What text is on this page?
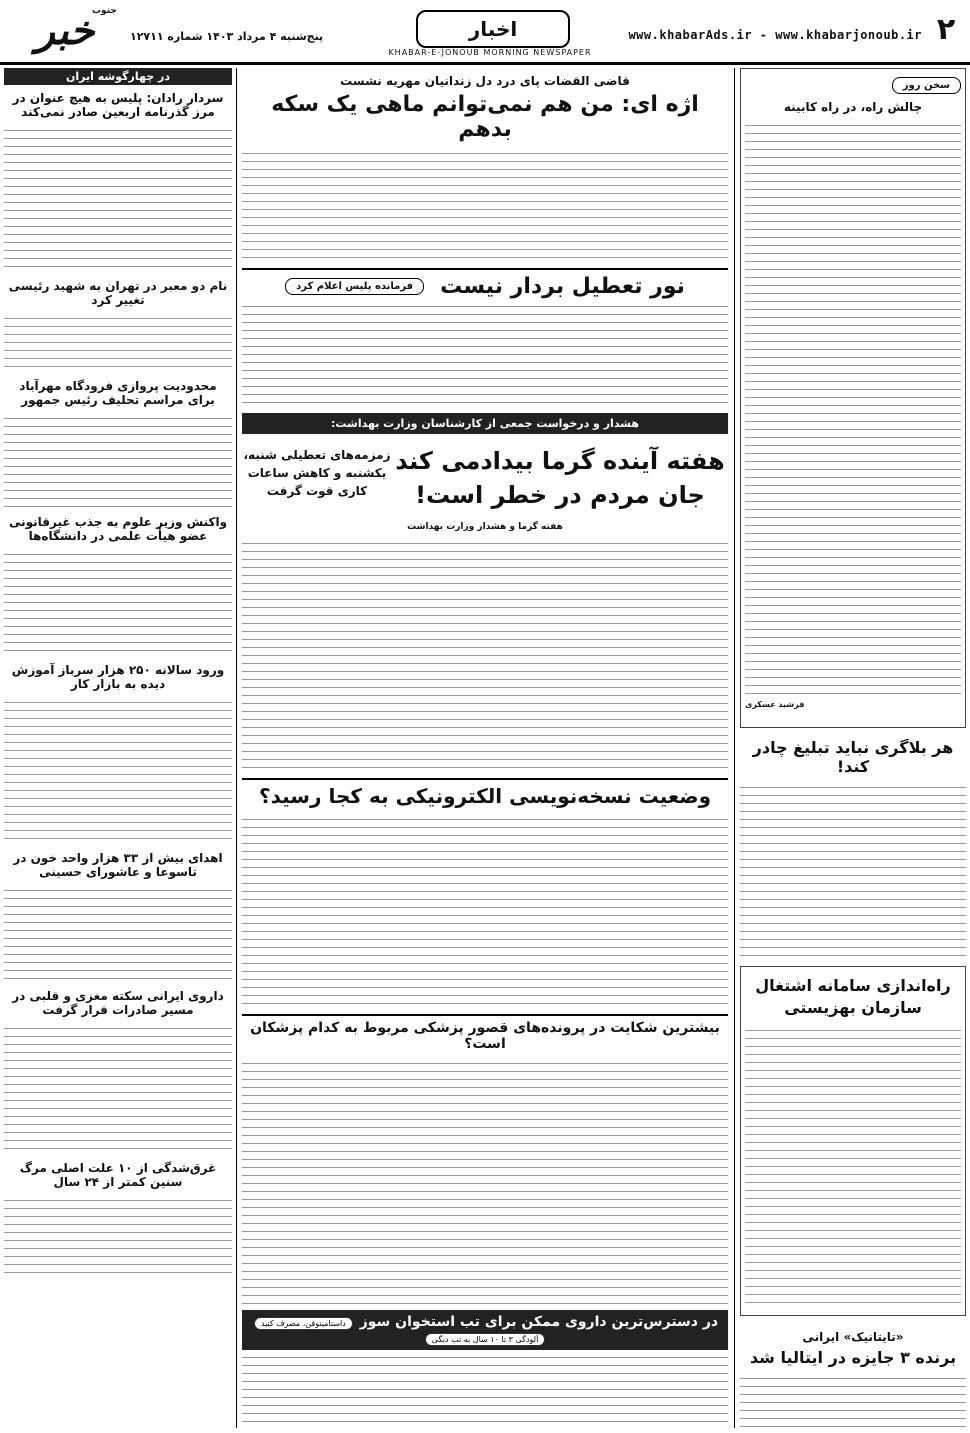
۲
www.khabarAds.ir - www.khabarjonoub.ir
اخبار
KHABAR-E-JONOUB MORNING NEWSPAPER
پنج‌شنبه ۴ مرداد ۱۴۰۳ شماره ۱۲۷۱۱
خبر
جنوب
سخن روز
چالش راه، در راه کابینه
فرشید عسکری
هر بلاگری نباید تبلیغ چادر کند!
راه‌اندازی سامانه اشتغال سازمان بهزیستی
«تایتانیک» ایرانی
برنده ۳ جایزه در ایتالیا شد
قاضی القضات پای درد دل زندانیان مهریه نشست
اژه ای: من هم نمی‌توانم ماهی یک سکه بدهم
نور تعطیل بردار نیست
فرمانده پلیس اعلام کرد
هشدار و درخواست جمعی از کارشناسان وزارت بهداشت:
هفته آینده گرما بیدادمی کند جان مردم در خطر است!
زمزمه‌های تعطیلی شنبه، یکشنبه و کاهش ساعات کاری قوت گرفت
هفته گرما و هشدار وزارت بهداشت
وضعیت نسخه‌نویسی الکترونیکی به کجا رسید؟
بیشترین شکایت در پرونده‌های قصور پزشکی مربوط به کدام پزشکان است؟
در دسترس‌ترین داروی ممکن برای تب استخوان سوز داستامینوفن، مصرف کنید آلودگی ۳ تا ۱۰ سال به تب دنگی
در چهارگوشه ایران
سردار رادان: پلیس به هیچ عنوان در مرز گذرنامه اربعین صادر نمی‌کند
نام دو معبر در تهران به شهید رئیسی تغییر کرد
محدودیت پروازی فرودگاه مهرآباد برای مراسم تحلیف رئیس جمهور
واکنش وزیر علوم به جذب غیرقانونی عضو هیأت علمی در دانشگاه‌ها
ورود سالانه ۲۵۰ هزار سرباز آموزش دیده به بازار کار
اهدای بیش از ۳۳ هزار واحد خون در تاسوعا و عاشورای حسینی
داروی ایرانی سکته مغزی و قلبی در مسیر صادرات قرار گرفت
غرق‌شدگی از ۱۰ علت اصلی مرگ سنین کمتر از ۲۴ سال
